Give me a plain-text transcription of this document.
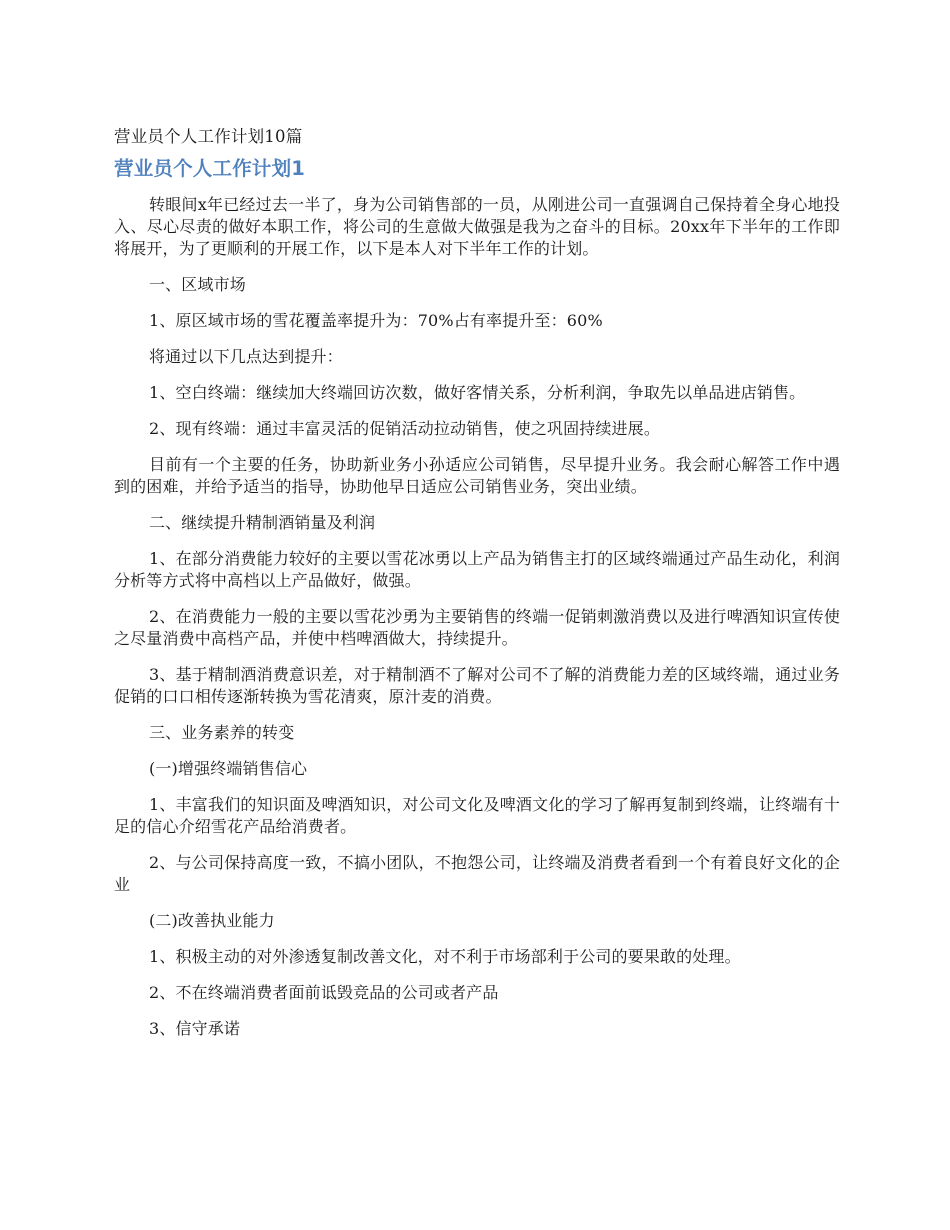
营业员个人工作计划10篇
营业员个人工作计划1

转眼间x年已经过去一半了，身为公司销售部的一员，从刚进公司一直强调自己保持着全身心地投入、尽心尽责的做好本职工作，将公司的生意做大做强是我为之奋斗的目标。20xx年下半年的工作即将展开，为了更顺利的开展工作，以下是本人对下半年工作的计划。

一、区域市场

1、原区域市场的雪花覆盖率提升为：70%占有率提升至：60%

将通过以下几点达到提升：

1、空白终端：继续加大终端回访次数，做好客情关系，分析利润，争取先以单品进店销售。

2、现有终端：通过丰富灵活的促销活动拉动销售，使之巩固持续进展。

目前有一个主要的任务，协助新业务小孙适应公司销售，尽早提升业务。我会耐心解答工作中遇到的困难，并给予适当的指导，协助他早日适应公司销售业务，突出业绩。

二、继续提升精制酒销量及利润

1、在部分消费能力较好的主要以雪花冰勇以上产品为销售主打的区域终端通过产品生动化，利润分析等方式将中高档以上产品做好，做强。

2、在消费能力一般的主要以雪花沙勇为主要销售的终端一促销刺激消费以及进行啤酒知识宣传使之尽量消费中高档产品，并使中档啤酒做大，持续提升。

3、基于精制酒消费意识差，对于精制酒不了解对公司不了解的消费能力差的区域终端，通过业务促销的口口相传逐渐转换为雪花清爽，原汁麦的消费。

三、业务素养的转变

(一)增强终端销售信心

1、丰富我们的知识面及啤酒知识，对公司文化及啤酒文化的学习了解再复制到终端，让终端有十足的信心介绍雪花产品给消费者。

2、与公司保持高度一致，不搞小团队，不抱怨公司，让终端及消费者看到一个有着良好文化的企业

(二)改善执业能力

1、积极主动的对外渗透复制改善文化，对不利于市场部利于公司的要果敢的处理。

2、不在终端消费者面前诋毁竞品的公司或者产品

3、信守承诺
